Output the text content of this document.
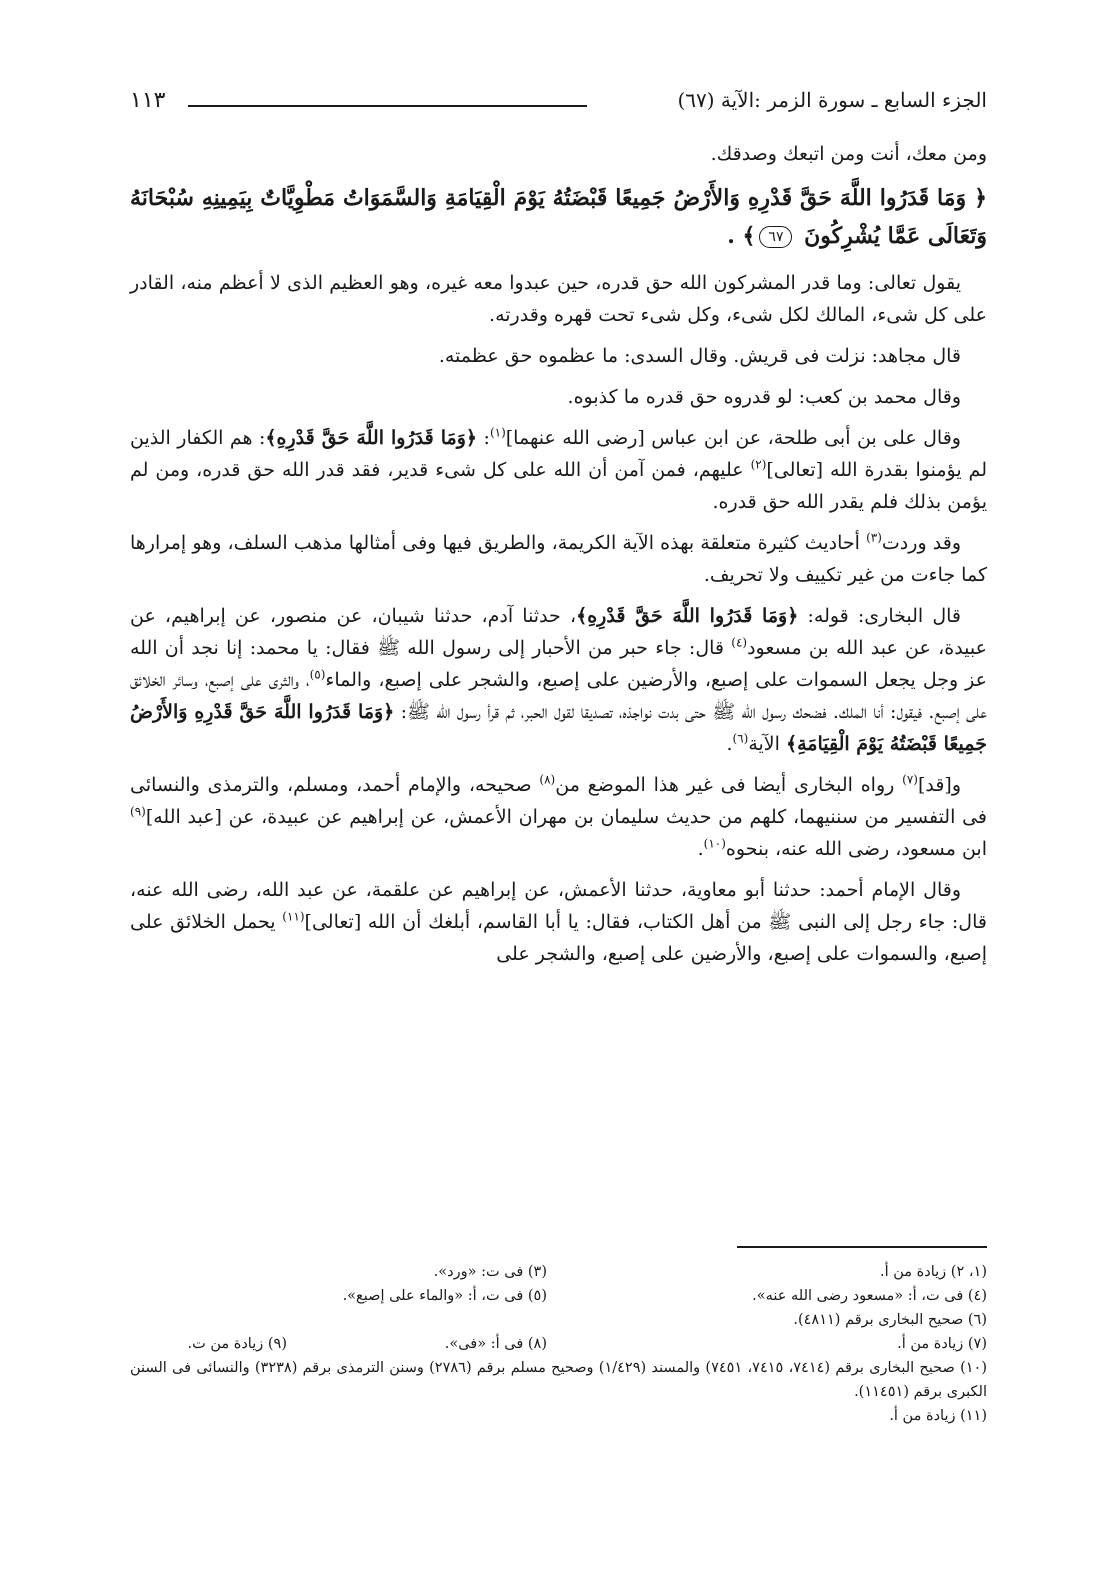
الجزء السابع ـ سورة الزمر :الآية (٦٧)
١١٣

ومن معك، أنت ومن اتبعك وصدقك.

﴿ وَمَا قَدَرُوا اللَّهَ حَقَّ قَدْرِهِ وَالأَرْضُ جَمِيعًا قَبْضَتُهُ يَوْمَ الْقِيَامَةِ وَالسَّمَوَاتُ مَطْوِيَّاتٌ بِيَمِينِهِ سُبْحَانَهُ وَتَعَالَى عَمَّا يُشْرِكُونَ ٦٧﴾ .

يقول تعالى: وما قدر المشركون الله حق قدره، حين عبدوا معه غيره، وهو العظيم الذى لا أعظم منه، القادر على كل شىء، المالك لكل شىء، وكل شىء تحت قهره وقدرته.

قال مجاهد: نزلت فى قريش. وقال السدى: ما عظموه حق عظمته.

وقال محمد بن كعب: لو قدروه حق قدره ما كذبوه.

وقال على بن أبى طلحة، عن ابن عباس [رضى الله عنهما]$^{(١)}$: ﴿وَمَا قَدَرُوا اللَّهَ حَقَّ قَدْرِهِ﴾: هم الكفار الذين لم يؤمنوا بقدرة الله [تعالى]$^{(٢)}$ عليهم، فمن آمن أن الله على كل شىء قدير، فقد قدر الله حق قدره، ومن لم يؤمن بذلك فلم يقدر الله حق قدره.

وقد وردت$^{(٣)}$ أحاديث كثيرة متعلقة بهذه الآية الكريمة، والطريق فيها وفى أمثالها مذهب السلف، وهو إمرارها كما جاءت من غير تكييف ولا تحريف.

قال البخارى: قوله: ﴿وَمَا قَدَرُوا اللَّهَ حَقَّ قَدْرِهِ﴾، حدثنا آدم، حدثنا شيبان، عن منصور، عن إبراهيم، عن عبيدة، عن عبد الله بن مسعود$^{(٤)}$ قال: جاء حبر من الأحبار إلى رسول الله ﷺ فقال: يا محمد: إنا نجد أن الله عز وجل يجعل السموات على إصبع، والأرضين على إصبع، والشجر على إصبع، والماء$^{(٥)}$، والثرى على إصبع، وسائر الخلائق على إصبع. فيقول: أنا الملك. فضحك رسول الله ﷺ حتى بدت نواجذه، تصديقا لقول الحبر، ثم قرأ رسول الله ﷺ: ﴿وَمَا قَدَرُوا اللَّهَ حَقَّ قَدْرِهِ وَالأَرْضُ جَمِيعًا قَبْضَتُهُ يَوْمَ الْقِيَامَةِ﴾ الآية$^{(٦)}$.

و[قد]$^{(٧)}$ رواه البخارى أيضا فى غير هذا الموضع من$^{(٨)}$ صحيحه، والإمام أحمد، ومسلم، والترمذى والنسائى فى التفسير من سننيهما، كلهم من حديث سليمان بن مهران الأعمش، عن إبراهيم عن عبيدة، عن [عبد الله]$^{(٩)}$ ابن مسعود، رضى الله عنه، بنحوه$^{(١٠)}$.

وقال الإمام أحمد: حدثنا أبو معاوية، حدثنا الأعمش، عن إبراهيم عن علقمة، عن عبد الله، رضى الله عنه، قال: جاء رجل إلى النبى ﷺ من أهل الكتاب، فقال: يا أبا القاسم، أبلغك أن الله [تعالى]$^{(١١)}$ يحمل الخلائق على إصبع، والسموات على إصبع، والأرضين على إصبع، والشجر على

(١، ٢) زيادة من أ.
(٣) فى ت: «ورد».
(٤) فى ت، أ: «مسعود رضى الله عنه».
(٥) فى ت، أ: «والماء على إصبع».
(٦) صحيح البخارى برقم (٤٨١١).
(٧) زيادة من أ.
(٨) فى أ: «فى».
(٩) زيادة من ت.
(١٠) صحيح البخارى برقم (٧٤١٤، ٧٤١٥، ٧٤٥١) والمسند (١/٤٢٩) وصحيح مسلم برقم (٢٧٨٦) وسنن الترمذى برقم (٣٢٣٨) والنسائى فى السنن الكبرى برقم (١١٤٥١).
(١١) زيادة من أ.
